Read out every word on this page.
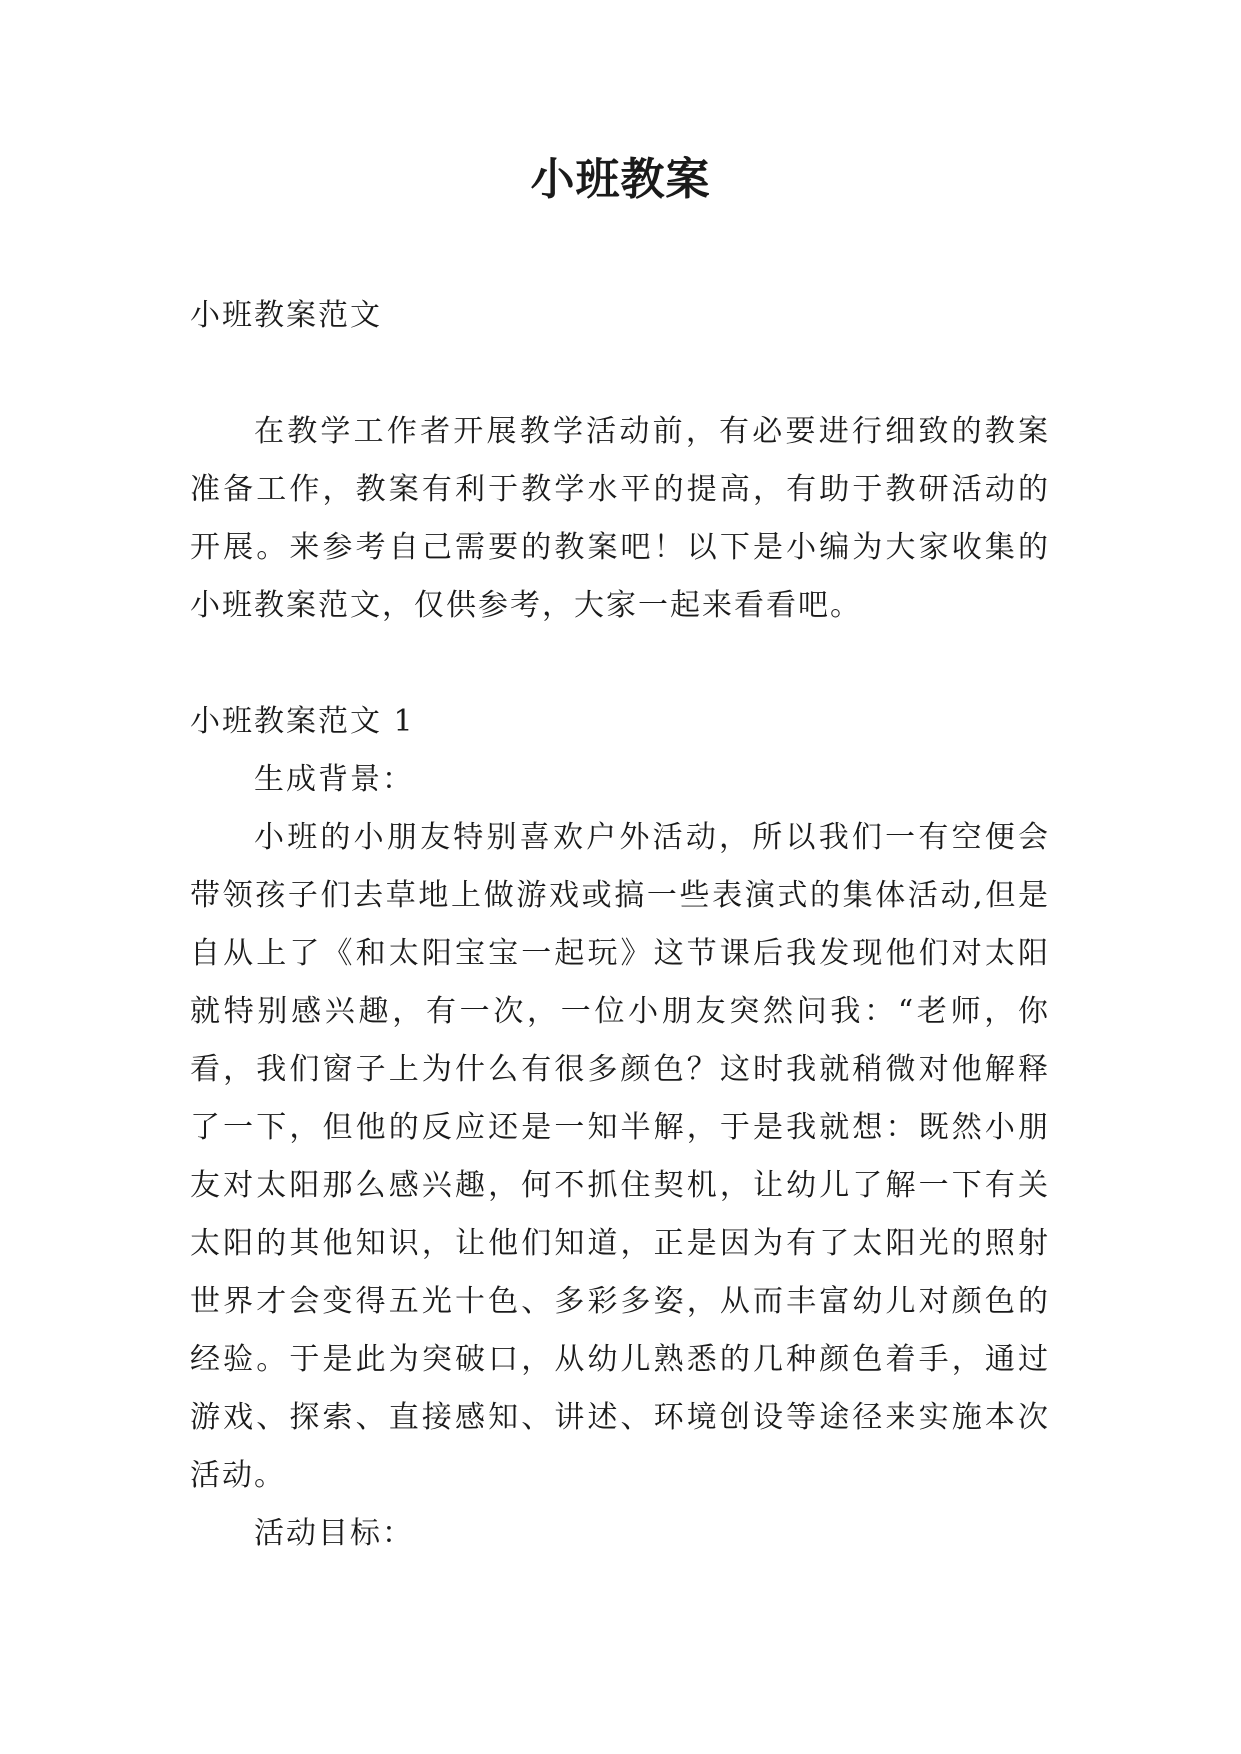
小班教案

小班教案范文

在教学工作者开展教学活动前，有必要进行细致的教案准备工作，教案有利于教学水平的提高，有助于教研活动的开展。来参考自己需要的教案吧！以下是小编为大家收集的小班教案范文，仅供参考，大家一起来看看吧。

小班教案范文 1

生成背景：

小班的小朋友特别喜欢户外活动，所以我们一有空便会带领孩子们去草地上做游戏或搞一些表演式的集体活动,但是自从上了《和太阳宝宝一起玩》这节课后我发现他们对太阳就特别感兴趣，有一次，一位小朋友突然问我：“老师，你看，我们窗子上为什么有很多颜色？这时我就稍微对他解释了一下，但他的反应还是一知半解，于是我就想：既然小朋友对太阳那么感兴趣，何不抓住契机，让幼儿了解一下有关太阳的其他知识，让他们知道，正是因为有了太阳光的照射世界才会变得五光十色、多彩多姿，从而丰富幼儿对颜色的经验。于是此为突破口，从幼儿熟悉的几种颜色着手，通过游戏、探索、直接感知、讲述、环境创设等途径来实施本次活动。

活动目标：
